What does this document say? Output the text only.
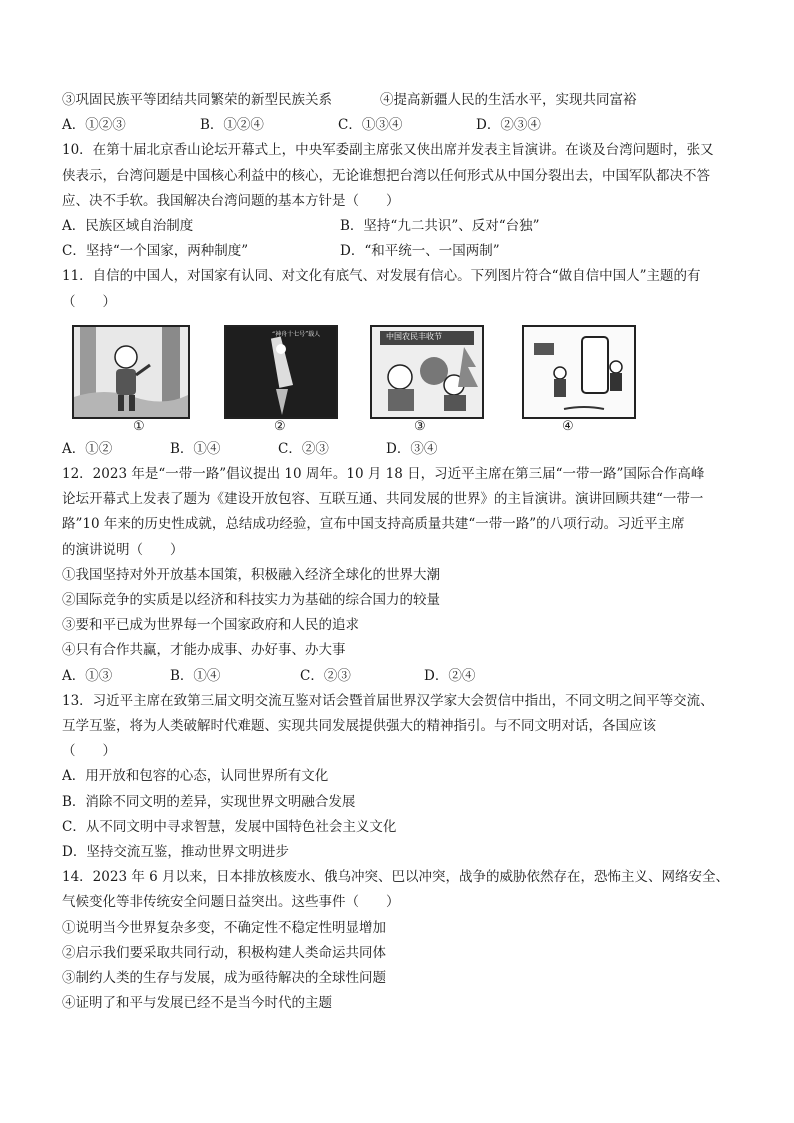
③巩固民族平等团结共同繁荣的新型民族关系	④提高新疆人民的生活水平，实现共同富裕
A．①②③	B．①②④	C．①③④	D．②③④
10．在第十届北京香山论坛开幕式上，中央军委副主席张又侠出席并发表主旨演讲。在谈及台湾问题时，张又
侠表示，台湾问题是中国核心利益中的核心，无论谁想把台湾以任何形式从中国分裂出去，中国军队都决不答
应、决不手软。我国解决台湾问题的基本方针是（　　）
A．民族区域自治制度	B．坚持“九二共识”、反对“台独”
C．坚持“一个国家，两种制度”	D．“和平统一、一国两制”
11．自信的中国人，对国家有认同、对文化有底气、对发展有信心。下列图片符合“做自信中国人”主题的有
（　　）
“神舟十七号”载人	中国农民丰收节
①	②	③	④
A．①②	B．①④	C．②③	D．③④
12．2023 年是“一带一路”倡议提出 10 周年。10 月 18 日，习近平主席在第三届“一带一路”国际合作高峰
论坛开幕式上发表了题为《建设开放包容、互联互通、共同发展的世界》的主旨演讲。演讲回顾共建“一带一
路”10 年来的历史性成就，总结成功经验，宣布中国支持高质量共建“一带一路”的八项行动。习近平主席
的演讲说明（　　）
①我国坚持对外开放基本国策，积极融入经济全球化的世界大潮
②国际竞争的实质是以经济和科技实力为基础的综合国力的较量
③要和平已成为世界每一个国家政府和人民的追求
④只有合作共赢，才能办成事、办好事、办大事
A．①③	B．①④	C．②③	D．②④
13．习近平主席在致第三届文明交流互鉴对话会暨首届世界汉学家大会贺信中指出，不同文明之间平等交流、
互学互鉴，将为人类破解时代难题、实现共同发展提供强大的精神指引。与不同文明对话，各国应该
（　　）
A．用开放和包容的心态，认同世界所有文化
B．消除不同文明的差异，实现世界文明融合发展
C．从不同文明中寻求智慧，发展中国特色社会主义文化
D．坚持交流互鉴，推动世界文明进步
14．2023 年 6 月以来，日本排放核废水、俄乌冲突、巴以冲突，战争的威胁依然存在，恐怖主义、网络安全、
气候变化等非传统安全问题日益突出。这些事件（　　）
①说明当今世界复杂多变，不确定性不稳定性明显增加
②启示我们要采取共同行动，积极构建人类命运共同体
③制约人类的生存与发展，成为亟待解决的全球性问题
④证明了和平与发展已经不是当今时代的主题
